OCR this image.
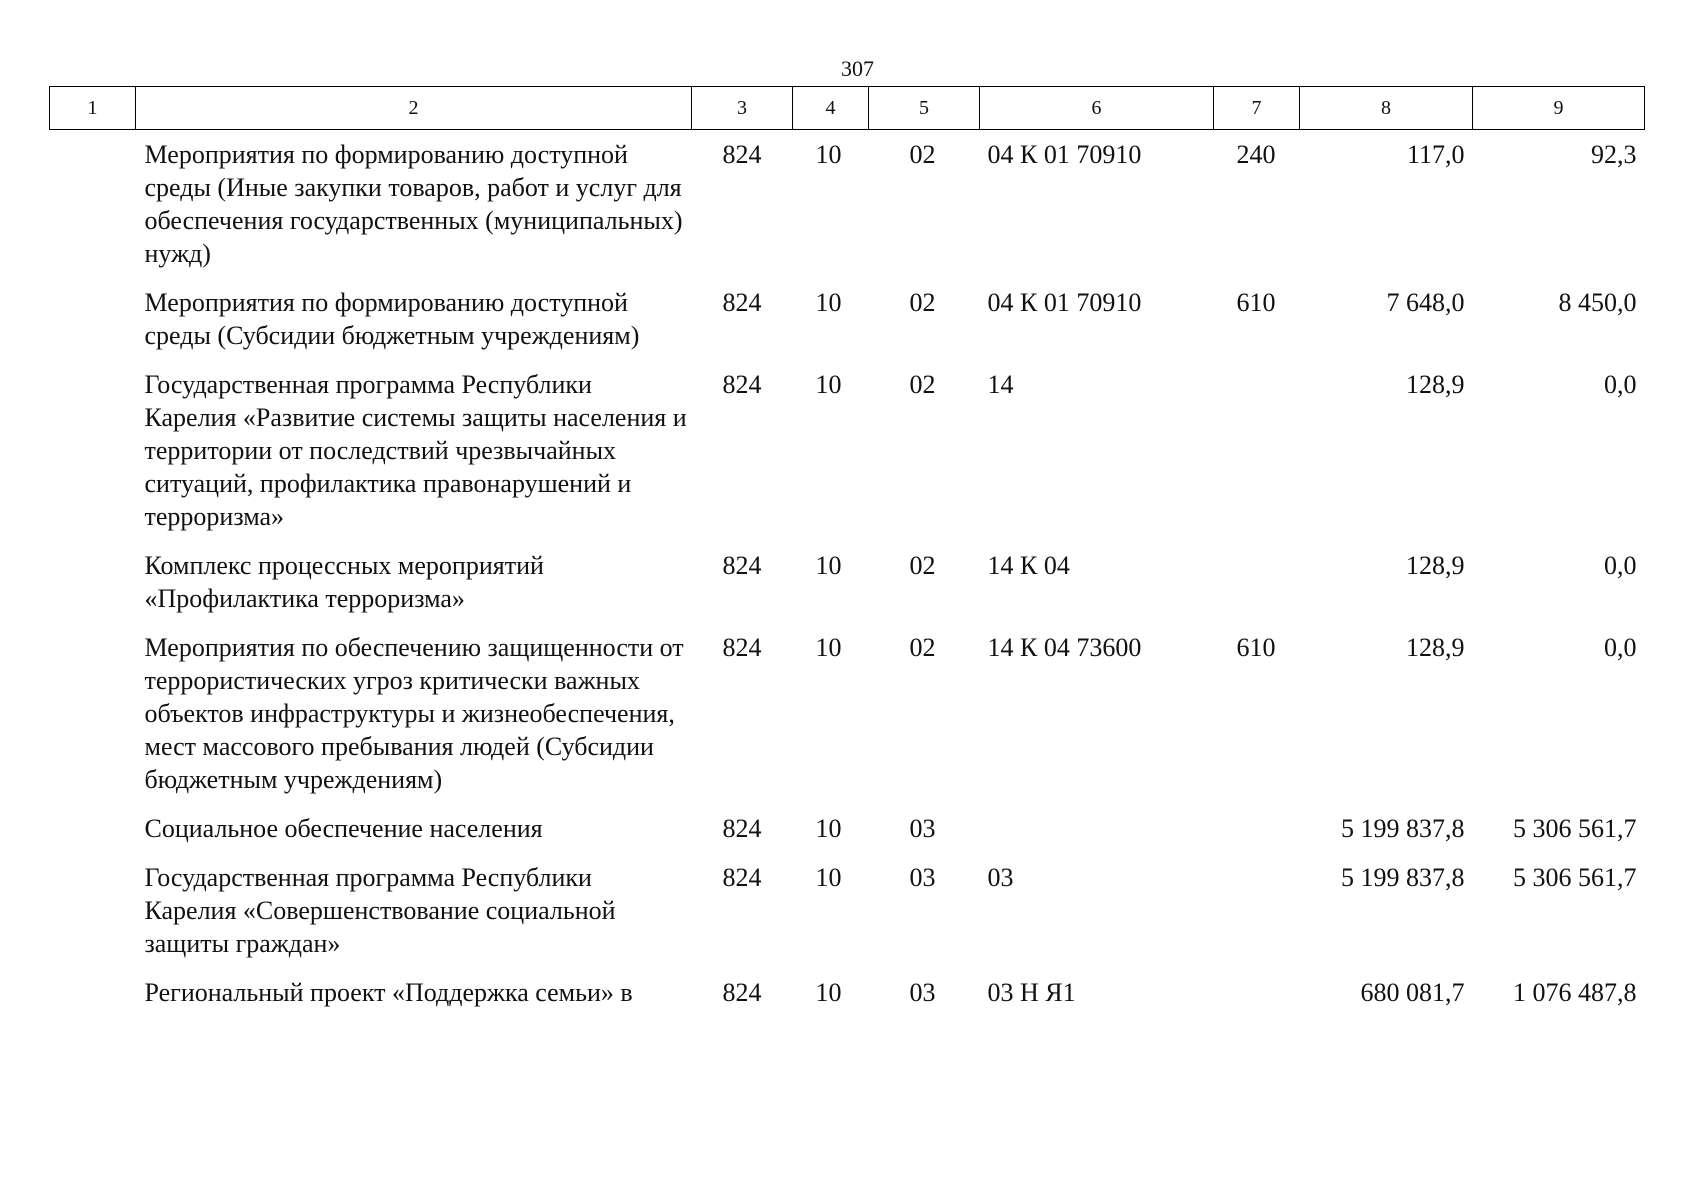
307
1	2	3	4	5	6	7	8	9
	Мероприятия по формированию доступной среды (Иные закупки товаров, работ и услуг для обеспечения государственных (муниципальных) нужд)	824	10	02	04 К 01 70910	240	117,0	92,3
	Мероприятия по формированию доступной среды (Субсидии бюджетным учреждениям)	824	10	02	04 К 01 70910	610	7 648,0	8 450,0
	Государственная программа Республики Карелия «Развитие системы защиты населения и территории от последствий чрезвычайных ситуаций, профилактика правонарушений и терроризма»	824	10	02	14		128,9	0,0
	Комплекс процессных мероприятий «Профилактика терроризма»	824	10	02	14 К 04		128,9	0,0
	Мероприятия по обеспечению защищенности от террористических угроз критически важных объектов инфраструктуры и жизнеобеспечения, мест массового пребывания людей (Субсидии бюджетным учреждениям)	824	10	02	14 К 04 73600	610	128,9	0,0
	Социальное обеспечение населения	824	10	03			5 199 837,8	5 306 561,7
	Государственная программа Республики Карелия «Совершенствование социальной защиты граждан»	824	10	03	03		5 199 837,8	5 306 561,7
	Региональный проект «Поддержка семьи» в	824	10	03	03 Н Я1		680 081,7	1 076 487,8
